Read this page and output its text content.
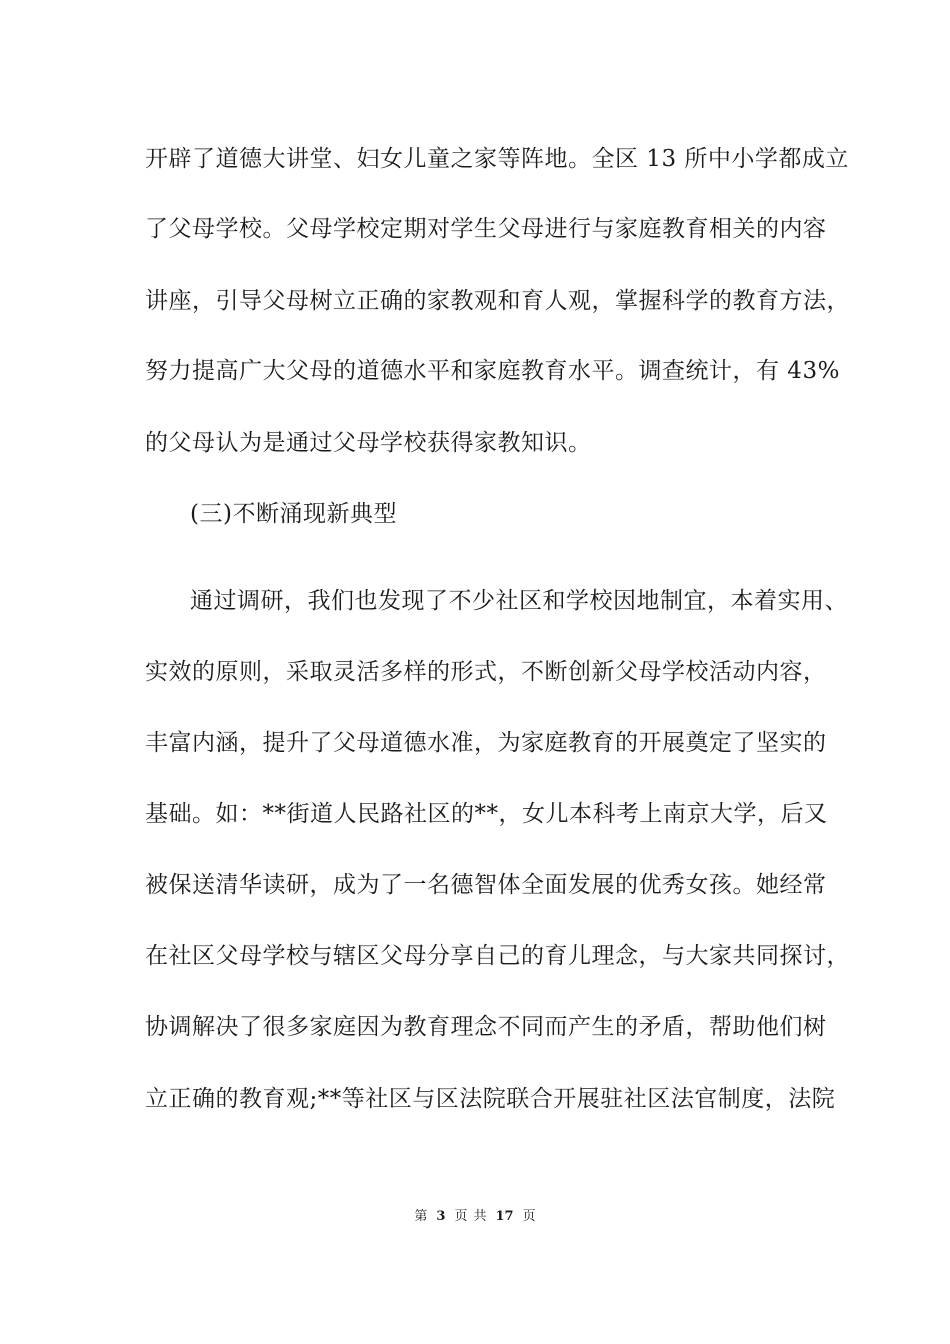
开辟了道德大讲堂、妇女儿童之家等阵地。全区 13 所中小学都成立
了父母学校。父母学校定期对学生父母进行与家庭教育相关的内容
讲座，引导父母树立正确的家教观和育人观，掌握科学的教育方法，
努力提高广大父母的道德水平和家庭教育水平。调查统计，有 43%
的父母认为是通过父母学校获得家教知识。
(三)不断涌现新典型
通过调研，我们也发现了不少社区和学校因地制宜，本着实用、
实效的原则，采取灵活多样的形式，不断创新父母学校活动内容，
丰富内涵，提升了父母道德水准，为家庭教育的开展奠定了坚实的
基础。如：**街道人民路社区的**，女儿本科考上南京大学，后又
被保送清华读研，成为了一名德智体全面发展的优秀女孩。她经常
在社区父母学校与辖区父母分享自己的育儿理念，与大家共同探讨，
协调解决了很多家庭因为教育理念不同而产生的矛盾，帮助他们树
立正确的教育观;**等社区与区法院联合开展驻社区法官制度，法院
第 3 页 共 17 页
